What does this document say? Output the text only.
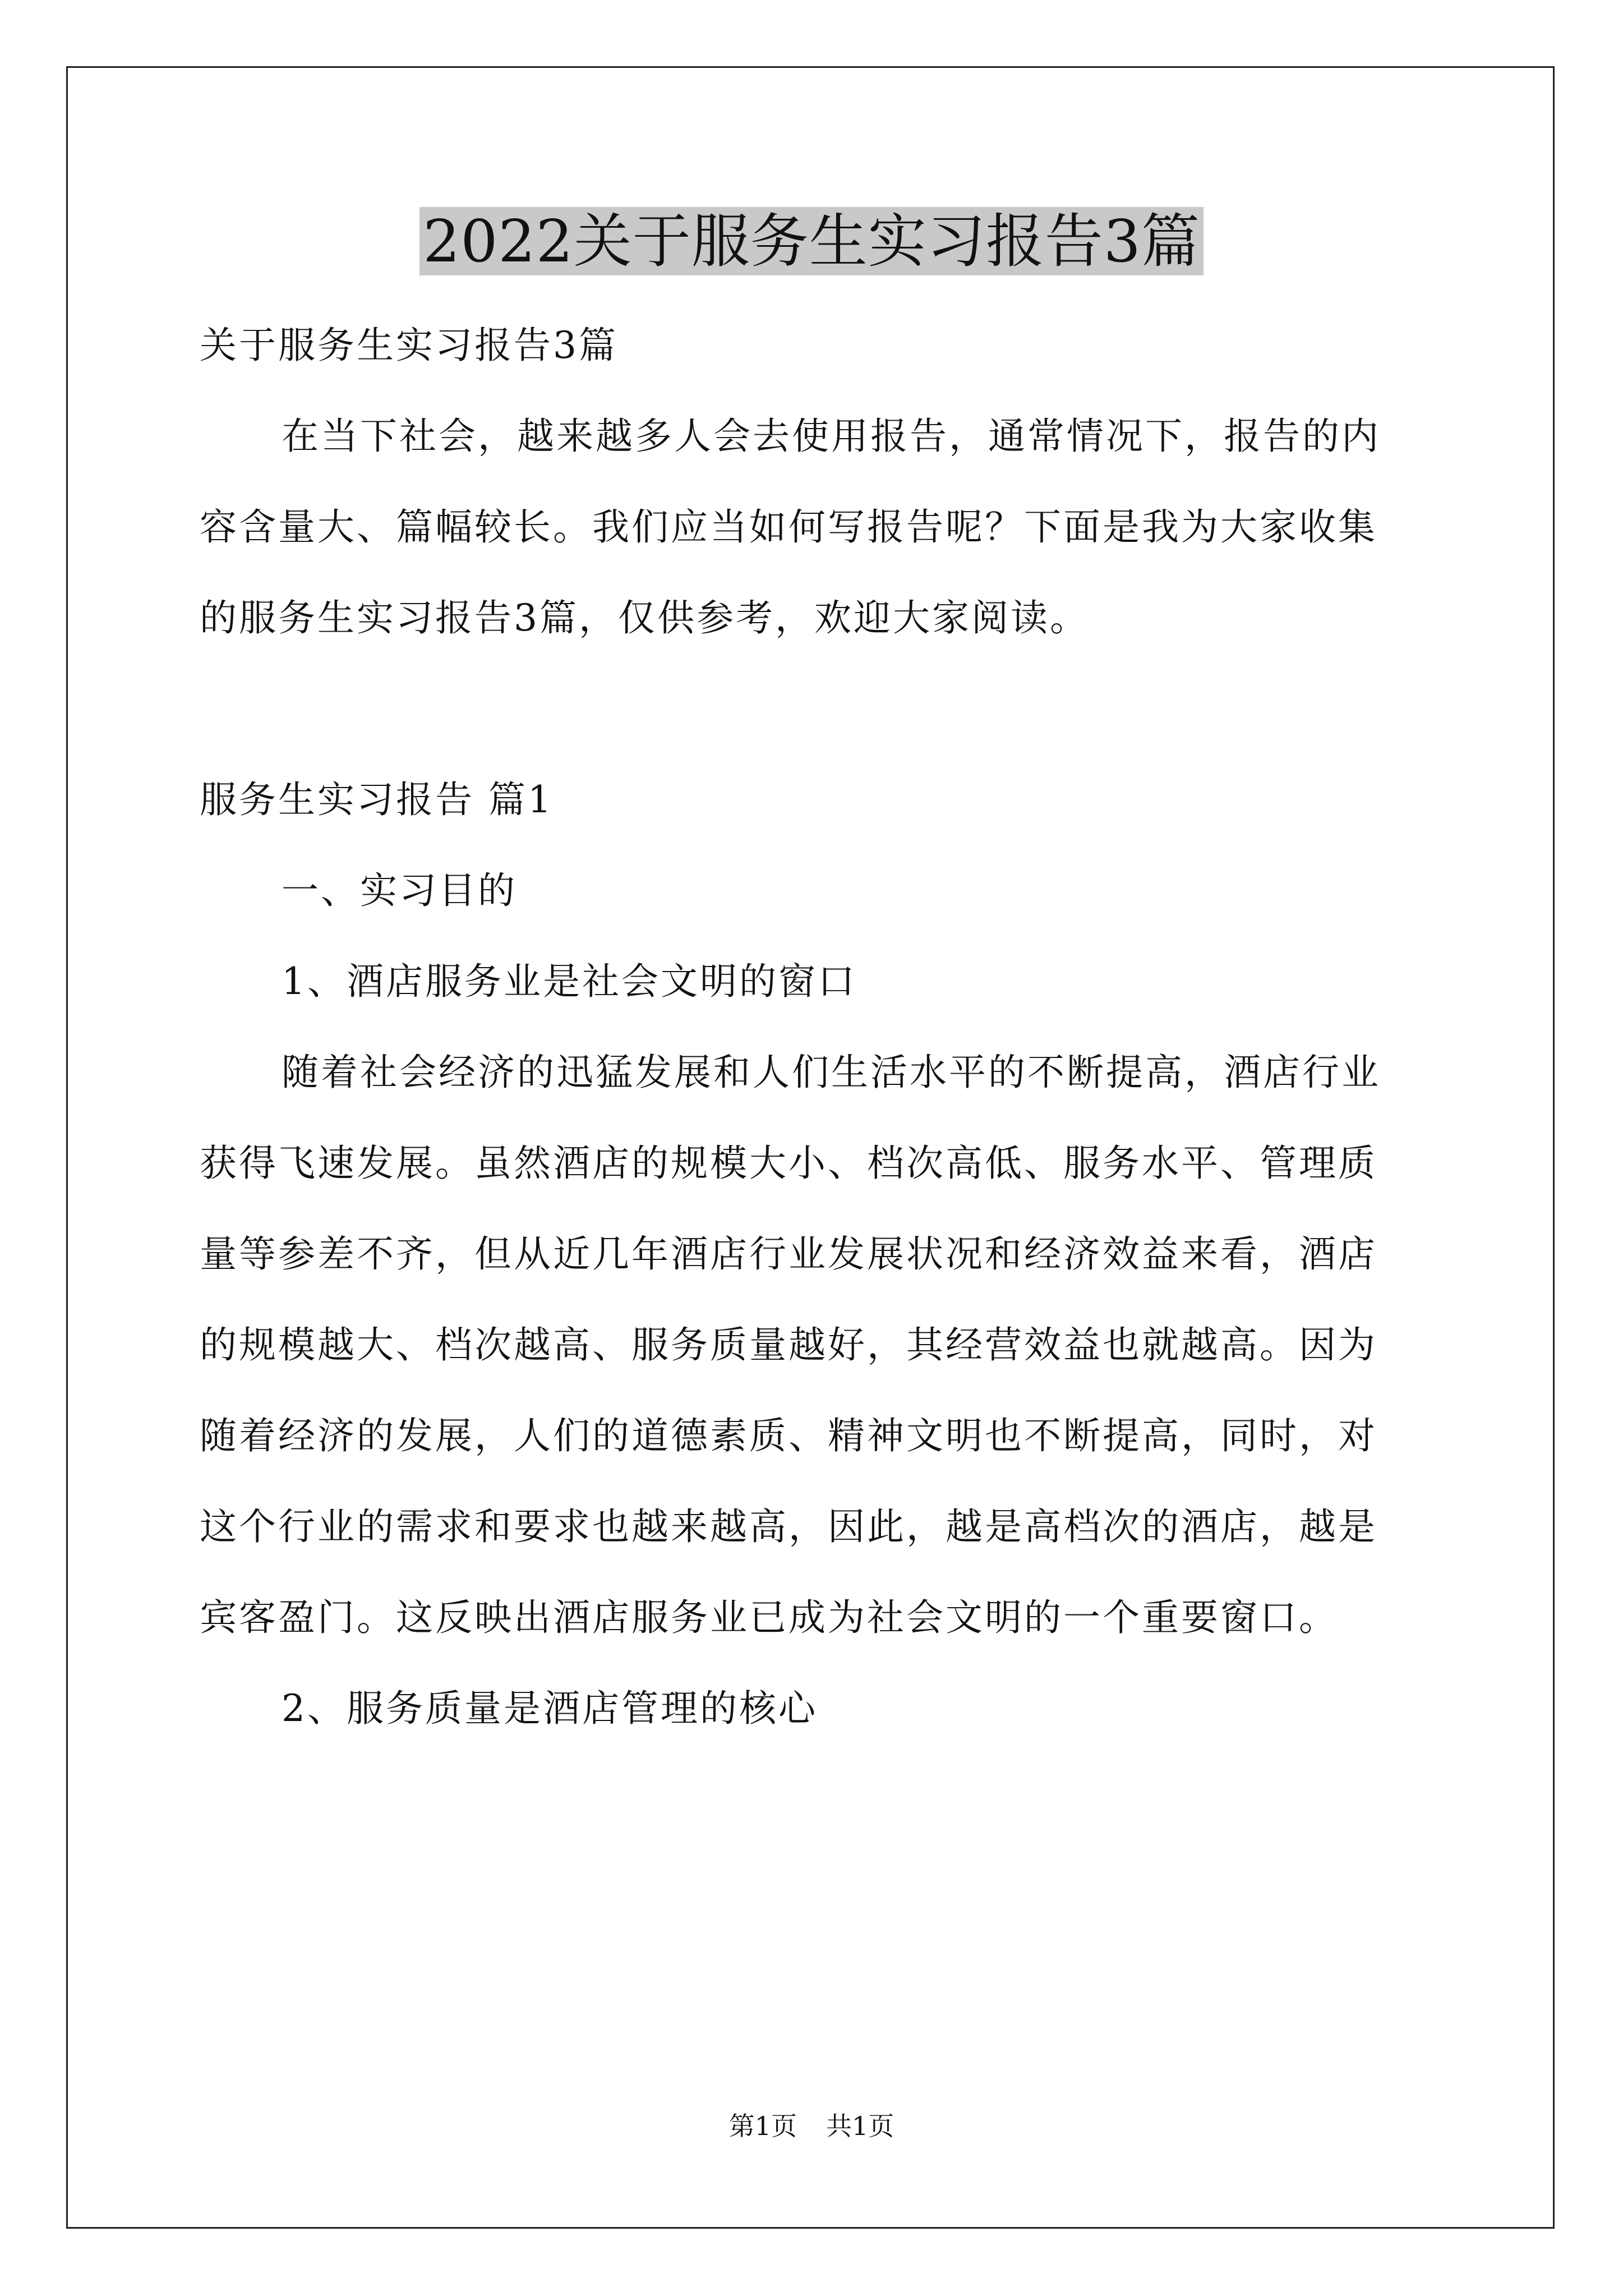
2022关于服务生实习报告3篇

关于服务生实习报告3篇

在当下社会，越来越多人会去使用报告，通常情况下，报告的内

容含量大、篇幅较长。我们应当如何写报告呢？下面是我为大家收集

的服务生实习报告3篇，仅供参考，欢迎大家阅读。

服务生实习报告 篇1

一、实习目的

1、酒店服务业是社会文明的窗口

随着社会经济的迅猛发展和人们生活水平的不断提高，酒店行业

获得飞速发展。虽然酒店的规模大小、档次高低、服务水平、管理质

量等参差不齐，但从近几年酒店行业发展状况和经济效益来看，酒店

的规模越大、档次越高、服务质量越好，其经营效益也就越高。因为

随着经济的发展，人们的道德素质、精神文明也不断提高，同时，对

这个行业的需求和要求也越来越高，因此，越是高档次的酒店，越是

宾客盈门。这反映出酒店服务业已成为社会文明的一个重要窗口。

2、服务质量是酒店管理的核心

第1页 共1页
